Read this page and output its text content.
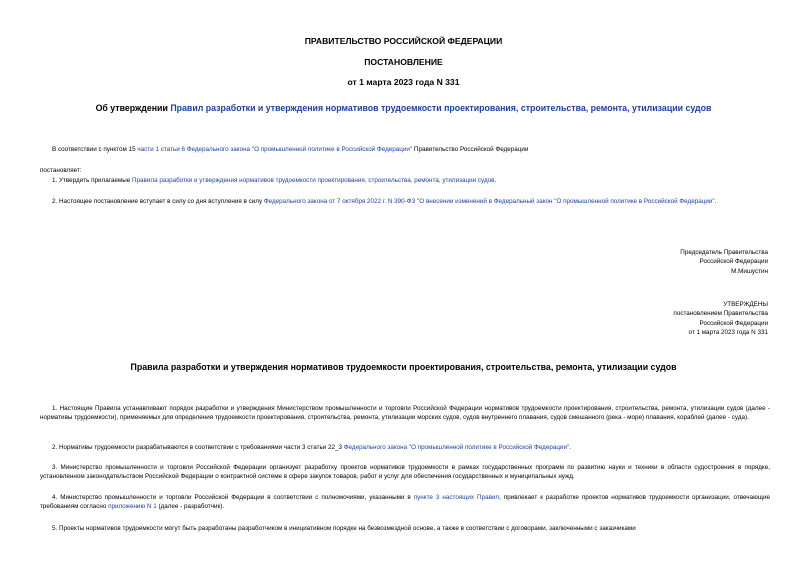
ПРАВИТЕЛЬСТВО РОССИЙСКОЙ ФЕДЕРАЦИИ
ПОСТАНОВЛЕНИЕ
от 1 марта 2023 года N 331
Об утверждении Правил разработки и утверждения нормативов трудоемкости проектирования, строительства, ремонта, утилизации судов
В соответствии с пунктом 15 части 1 статьи 6 Федерального закона "О промышленной политике в Российской Федерации" Правительство Российской Федерации
постановляет:
1. Утвердить прилагаемые Правила разработки и утверждения нормативов трудоемкости проектирования, строительства, ремонта, утилизации судов.
2. Настоящее постановление вступает в силу со дня вступления в силу Федерального закона от 7 октября 2022 г. N 390-ФЗ "О внесении изменений в Федеральный закон "О промышленной политике в Российской Федерации".
Председатель Правительства
Российской Федерации
М.Мишустин
УТВЕРЖДЕНЫ
постановлением Правительства
Российской Федерации
от 1 марта 2023 года N 331
Правила разработки и утверждения нормативов трудоемкости проектирования, строительства, ремонта, утилизации судов
1. Настоящие Правила устанавливают порядок разработки и утверждения Министерством промышленности и торговли Российской Федерации нормативов трудоемкости проектирования, строительства, ремонта, утилизации судов (далее - нормативы трудоемкости), применяемых для определения трудоемкости проектирования, строительства, ремонта, утилизации морских судов, судов внутреннего плавания, судов смешанного (река - море) плавания, кораблей (далее - суда).
2. Нормативы трудоемкости разрабатываются в соответствии с требованиями части 3 статьи 22_3 Федерального закона "О промышленной политике в Российской Федерации".
3. Министерство промышленности и торговли Российской Федерации организует разработку проектов нормативов трудоемкости в рамках государственных программ по развитию науки и техники в области судостроения в порядке, установленном законодательством Российской Федерации о контрактной системе в сфере закупок товаров, работ и услуг для обеспечения государственных и муниципальных нужд.
4. Министерство промышленности и торговли Российской Федерации в соответствии с полномочиями, указанными в пункте 3 настоящих Правил, привлекает к разработке проектов нормативов трудоемкости организации, отвечающие требованиям согласно приложению N 1 (далее - разработчик).
5. Проекты нормативов трудоемкости могут быть разработаны разработчиком в инициативном порядке на безвозмездной основе, а также в соответствии с договорами, заключенными с заказчиками
